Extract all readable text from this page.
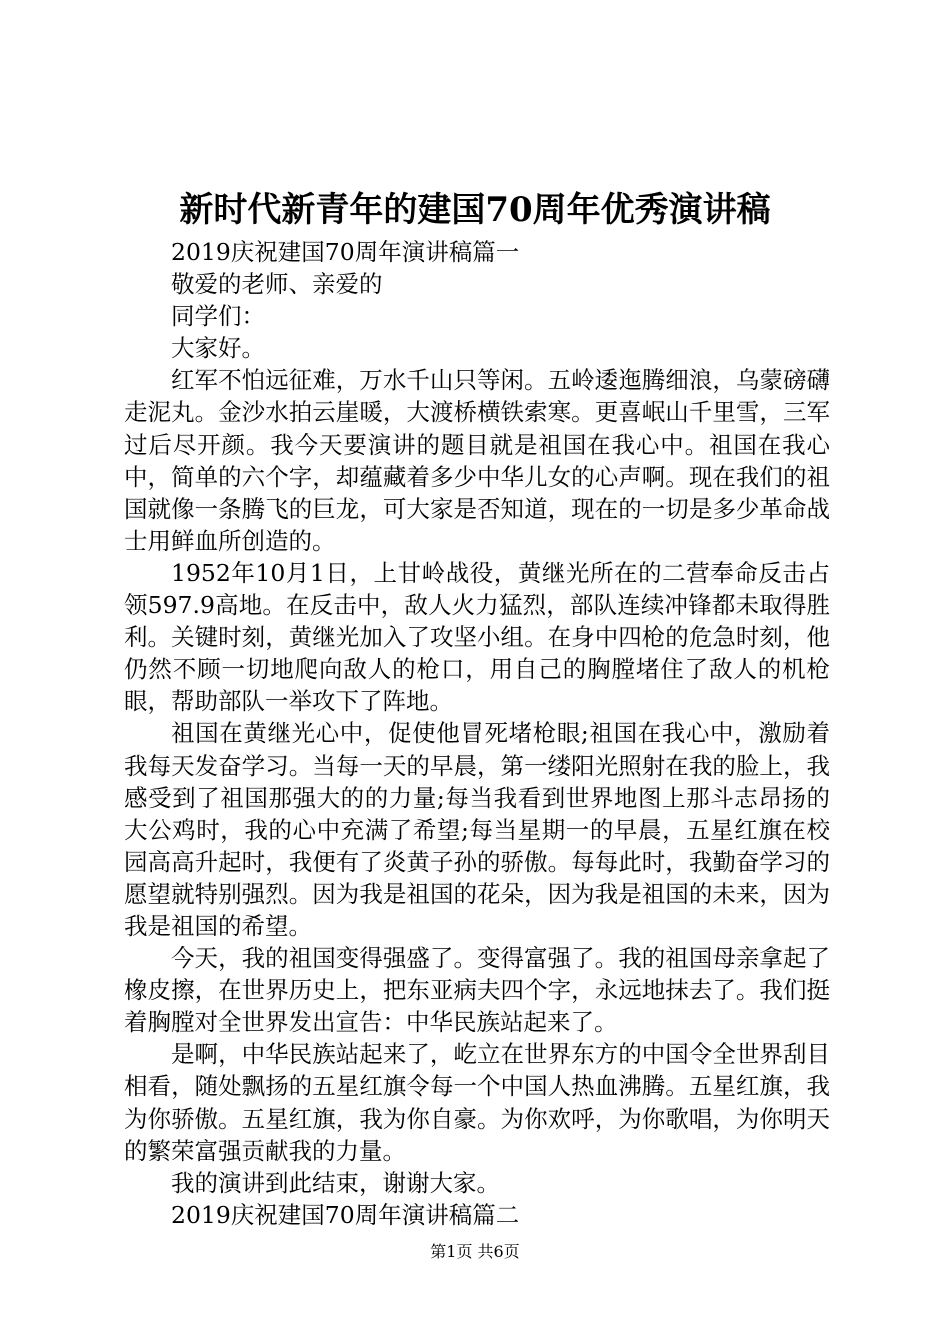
新时代新青年的建国70周年优秀演讲稿

2019庆祝建国70周年演讲稿篇一

敬爱的老师、亲爱的

同学们：

大家好。

红军不怕远征难，万水千山只等闲。五岭逶迤腾细浪，乌蒙磅礴走泥丸。金沙水拍云崖暖，大渡桥横铁索寒。更喜岷山千里雪，三军过后尽开颜。我今天要演讲的题目就是祖国在我心中。祖国在我心中，简单的六个字，却蕴藏着多少中华儿女的心声啊。现在我们的祖国就像一条腾飞的巨龙，可大家是否知道，现在的一切是多少革命战士用鲜血所创造的。

1952年10月1日，上甘岭战役，黄继光所在的二营奉命反击占领597.9高地。在反击中，敌人火力猛烈，部队连续冲锋都未取得胜利。关键时刻，黄继光加入了攻坚小组。在身中四枪的危急时刻，他仍然不顾一切地爬向敌人的枪口，用自己的胸膛堵住了敌人的机枪眼，帮助部队一举攻下了阵地。

祖国在黄继光心中，促使他冒死堵枪眼;祖国在我心中，激励着我每天发奋学习。当每一天的早晨，第一缕阳光照射在我的脸上，我感受到了祖国那强大的的力量;每当我看到世界地图上那斗志昂扬的大公鸡时，我的心中充满了希望;每当星期一的早晨，五星红旗在校园高高升起时，我便有了炎黄子孙的骄傲。每每此时，我勤奋学习的愿望就特别强烈。因为我是祖国的花朵，因为我是祖国的未来，因为我是祖国的希望。

今天，我的祖国变得强盛了。变得富强了。我的祖国母亲拿起了橡皮擦，在世界历史上，把东亚病夫四个字，永远地抹去了。我们挺着胸膛对全世界发出宣告：中华民族站起来了。

是啊，中华民族站起来了，屹立在世界东方的中国令全世界刮目相看，随处飘扬的五星红旗令每一个中国人热血沸腾。五星红旗，我为你骄傲。五星红旗，我为你自豪。为你欢呼，为你歌唱，为你明天的繁荣富强贡献我的力量。

我的演讲到此结束，谢谢大家。

2019庆祝建国70周年演讲稿篇二

第1页 共6页
